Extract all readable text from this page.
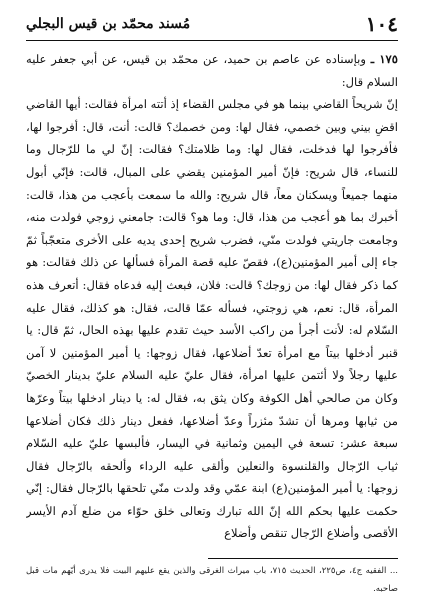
١٠٤
مُسند محمّد بن قيس البجلي

١٧٥ ـ وبإسناده عن عاصم بن حميد، عن محمّد بن قيس، عن أبي جعفر عليه السلام قال:

إنّ شريحاً القاضي بينما هو في مجلس القضاء إذ أتته امرأة فقالت: أيها القاضي اقضِ بيني وبين خصمي، فقال لها: ومن خصمك؟ قالت: أنت، قال: أفرجوا لها، فأفرجوا لها فدخلت، فقال لها: وما ظلامتك؟ فقالت: إنّ لي ما للرّجال وما للنساء، قال شريح: فإنّ أمير المؤمنين يقضي على المبال، قالت: فإنّي أبول منهما جميعاً ويسكنان معاً، قال شريح: والله ما سمعت بأعجب من هذا، قالت: أخبرك بما هو أعجب من هذا، قال: وما هو؟ قالت: جامعني زوجي فولدت منه، وجامعت جاريتي فولدت منّي، فضرب شريح إحدى يديه على الأخرى متعجّباً ثمّ جاء إلى أمير المؤمنين(ع)، فقصّ عليه قصة المرأة فسألها عن ذلك فقالت: هو كما ذكر فقال لها: من زوجك؟ قالت: فلان، فبعث إليه فدعاه فقال: أتعرف هذه المرأة، قال: نعم، هي زوجتي، فسأله عمّا قالت، فقال: هو كذلك، فقال عليه السّلام له: لأنت أجرأ من راكب الأسد حيث تقدم عليها بهذه الحال، ثمّ قال: يا قنبر أدخلها بيتاً مع امرأة تعدّ أضلاعها، فقال زوجها: يا أمير المؤمنين لا آمن عليها رجلاً ولا أئتمن عليها امرأة، فقال عليّ عليه السلام عليّ بدينار الخصيّ وكان من صالحي أهل الكوفة وكان يثق به، فقال له: يا دينار ادخلها بيتاً وعرّها من ثيابها ومرها أن تشدّ مئزراً وعدّ أضلاعها، ففعل دينار ذلك فكان أضلاعها سبعة عشر: تسعة في اليمين وثمانية في اليسار، فألبسها عليّ عليه السّلام ثياب الرّجال والقلنسوة والنعلين وألقى عليه الرداء وألحقه بالرّجال فقال زوجها: يا أمير المؤمنين(ع) ابنة عمّي وقد ولدت منّي تلحقها بالرّجال فقال: إنّي حكمت عليها بحكم الله إنّ الله تبارك وتعالى خلق حوّاء من ضلع آدم الأيسر الأقصى وأضلاع الرّجال تنقص وأضلاع

... الفقيه ج٤، ص٢٢٥، الحديث ٧١٥، باب ميراث الغرقى والذين يقع عليهم البيت فلا يدرى أيّهم مات قبل صاحبه.
